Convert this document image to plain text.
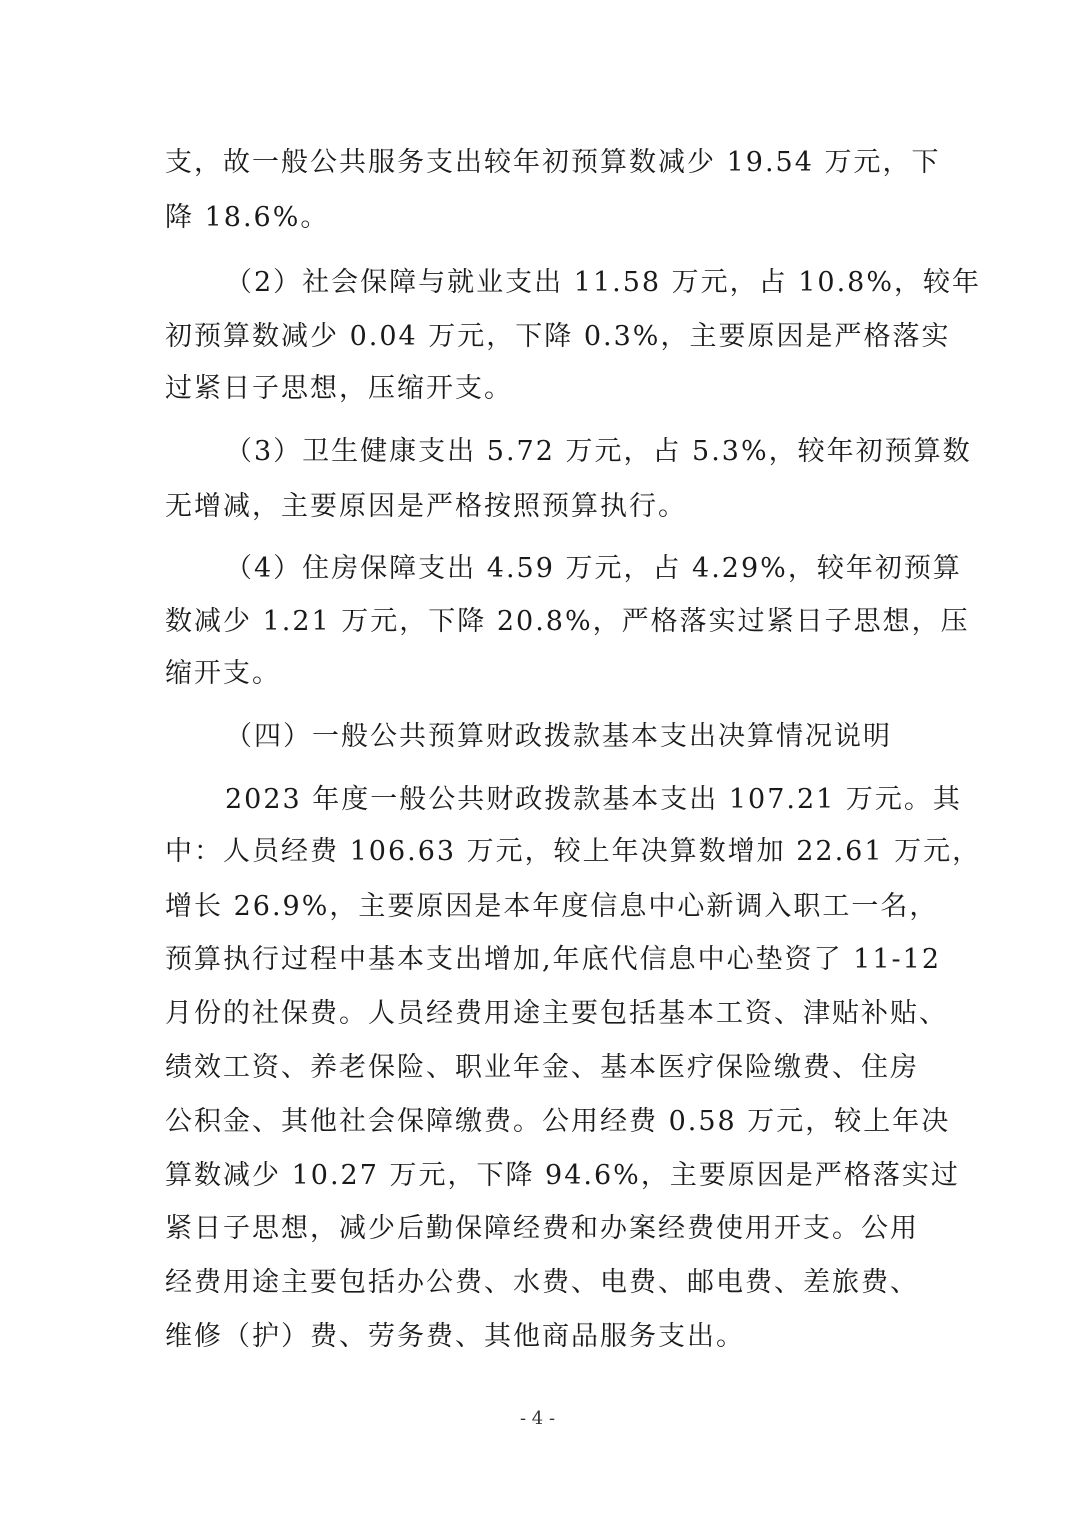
支，故一般公共服务支出较年初预算数减少 19.54 万元，下
降 18.6%。
（2）社会保障与就业支出 11.58 万元，占 10.8%，较年
初预算数减少 0.04 万元，下降 0.3%，主要原因是严格落实
过紧日子思想，压缩开支。
（3）卫生健康支出 5.72 万元，占 5.3%，较年初预算数
无增减，主要原因是严格按照预算执行。
（4）住房保障支出 4.59 万元，占 4.29%，较年初预算
数减少 1.21 万元，下降 20.8%，严格落实过紧日子思想，压
缩开支。
（四）一般公共预算财政拨款基本支出决算情况说明
2023 年度一般公共财政拨款基本支出 107.21 万元。其
中：人员经费 106.63 万元，较上年决算数增加 22.61 万元，
增长 26.9%，主要原因是本年度信息中心新调入职工一名，
预算执行过程中基本支出增加,年底代信息中心垫资了 11-12
月份的社保费。人员经费用途主要包括基本工资、津贴补贴、
绩效工资、养老保险、职业年金、基本医疗保险缴费、住房
公积金、其他社会保障缴费。公用经费 0.58 万元，较上年决
算数减少 10.27 万元，下降 94.6%，主要原因是严格落实过
紧日子思想，减少后勤保障经费和办案经费使用开支。公用
经费用途主要包括办公费、水费、电费、邮电费、差旅费、
维修（护）费、劳务费、其他商品服务支出。
- 4 -
